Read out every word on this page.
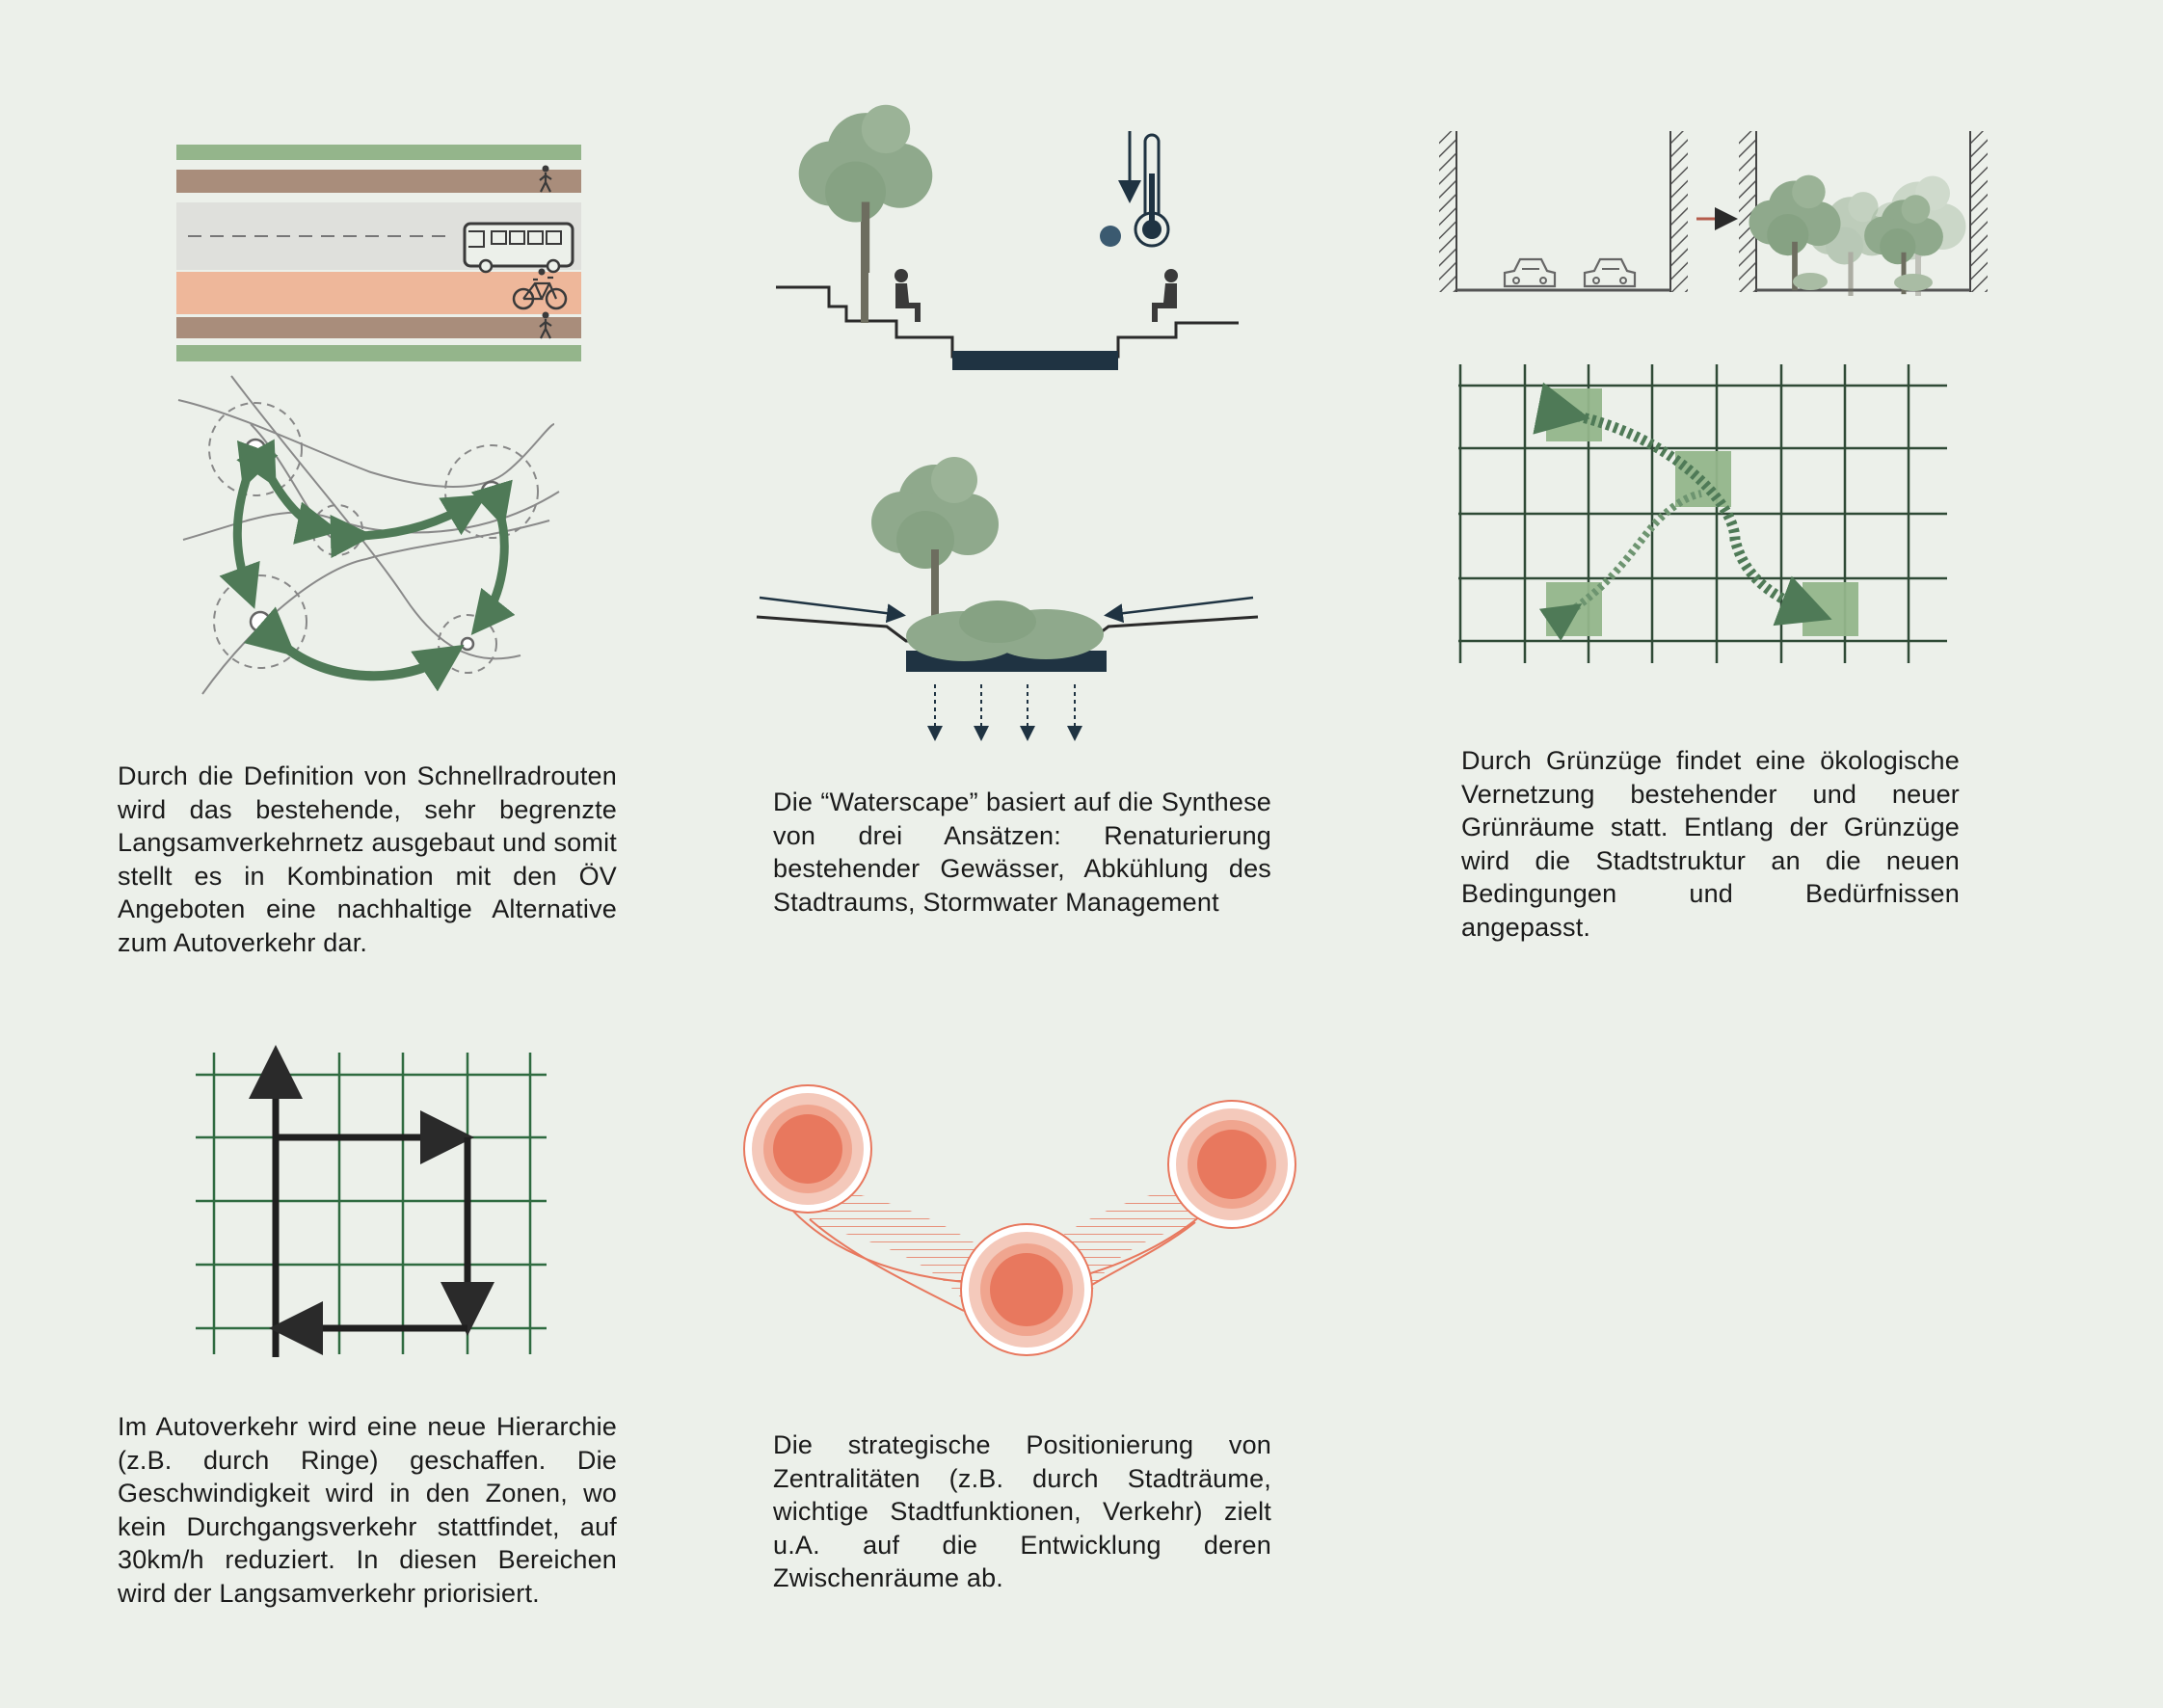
Durch die Definition von Schnellradrouten wird das bestehende, sehr begrenzte Langsamverkehrnetz ausgebaut und somit stellt es in Kombination mit den ÖV Angeboten eine nachhaltige Alternative zum Autoverkehr dar.

Die “Waterscape” basiert auf die Synthese von drei Ansätzen: Renaturierung bestehender Gewässer, Abkühlung des Stadtraums, Stormwater Management

Durch Grünzüge findet eine ökologische Vernetzung bestehender und neuer Grünräume statt. Entlang der Grünzüge wird die Stadtstruktur an die neuen Bedingungen und Bedürfnissen angepasst.

Im Autoverkehr wird eine neue Hierarchie (z.B. durch Ringe) geschaffen. Die Geschwindigkeit wird in den Zonen, wo kein Durchgangsverkehr stattfindet, auf 30km/h reduziert. In diesen Bereichen wird der Langsamverkehr priorisiert.

Die strategische Positionierung von Zentralitäten (z.B. durch Stadträume, wichtige Stadtfunktionen, Verkehr) zielt u.A. auf die Entwicklung deren Zwischenräume ab.
